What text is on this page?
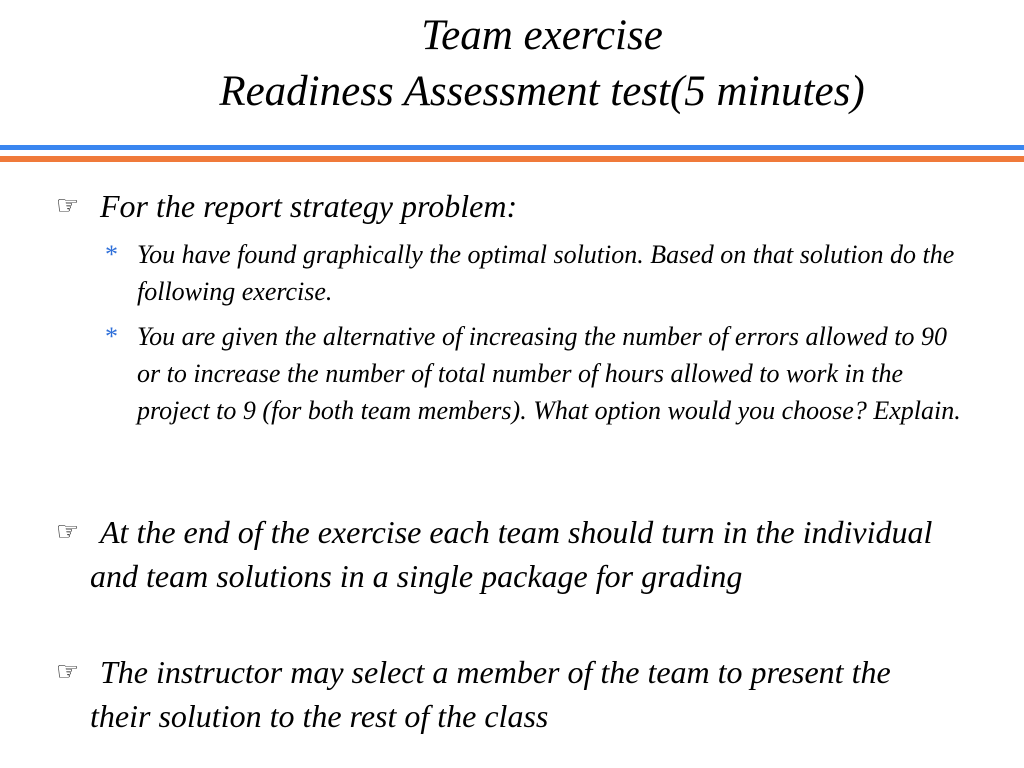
Team exercise
Readiness Assessment test(5 minutes)
☞ For the report strategy problem:
* You have found graphically the optimal solution. Based on that solution do the following exercise.
* You are given the alternative of increasing the number of errors allowed to 90 or to increase the number of total number of hours allowed to work in the project to 9 (for both team members). What option would you choose? Explain.
☞ At the end of the exercise each team should turn in the individual and team solutions in a single package for grading
☞ The instructor may select a member of the team to present the their solution to the rest of the class
